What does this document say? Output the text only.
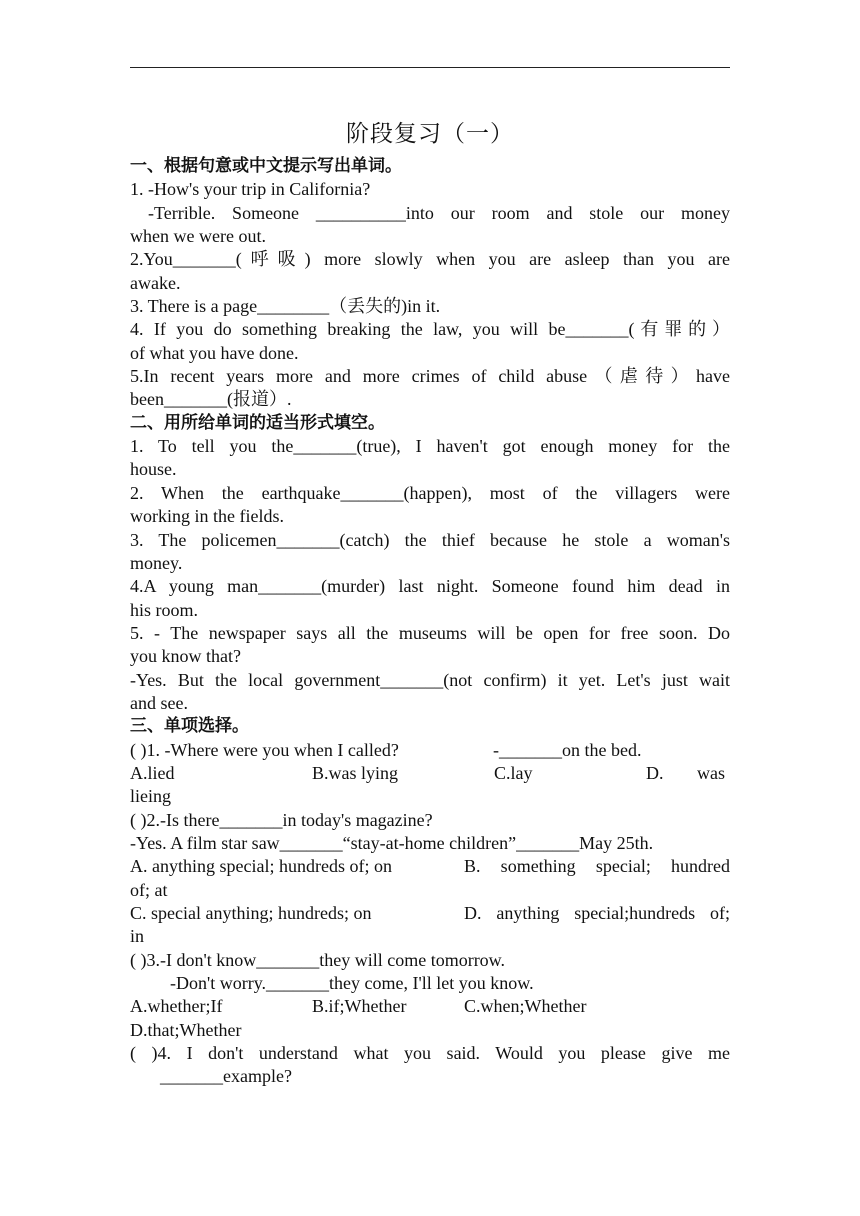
阶段复习（一）
一、根据句意或中文提示写出单词。
1. -How's your trip in California?
-Terrible. Someone __________into our room and stole our money
when we were out.
2.You_______(呼吸) more slowly when you are asleep than you are
awake.
3. There is a page________（丢失的)in it.
4. If you do something breaking the law, you will be_______(有罪的）
of what you have done.
5.In recent years more and more crimes of child abuse（虐待）have
been_______(报道）.
二、用所给单词的适当形式填空。
1. To tell you the_______(true), I haven't got enough money for the
house.
2. When the earthquake_______(happen), most of the villagers were
working in the fields.
3. The policemen_______(catch) the thief because he stole a woman's
money.
4.A young man_______(murder) last night. Someone found him dead in
his room.
5. - The newspaper says all the museums will be open for free soon. Do
you know that?
-Yes. But the local government_______(not confirm) it yet. Let's just wait
and see.
三、单项选择。
( )1. -Where were you when I called?	-_______on the bed.
A.lied	B.was lying	C.lay	D. was
lieing
( )2.-Is there_______in today's magazine?
-Yes. A film star saw_______“stay-at-home children”_______May 25th.
A. anything special; hundreds of; on	B. something special; hundred
of; at
C. special anything; hundreds; on	D. anything special;hundreds of;
in
( )3.-I don't know_______they will come tomorrow.
-Don't worry._______they come, I'll let you know.
A.whether;If	B.if;Whether	C.when;Whether
D.that;Whether
( )4. I don't understand what you said. Would you please give me
_______example?
